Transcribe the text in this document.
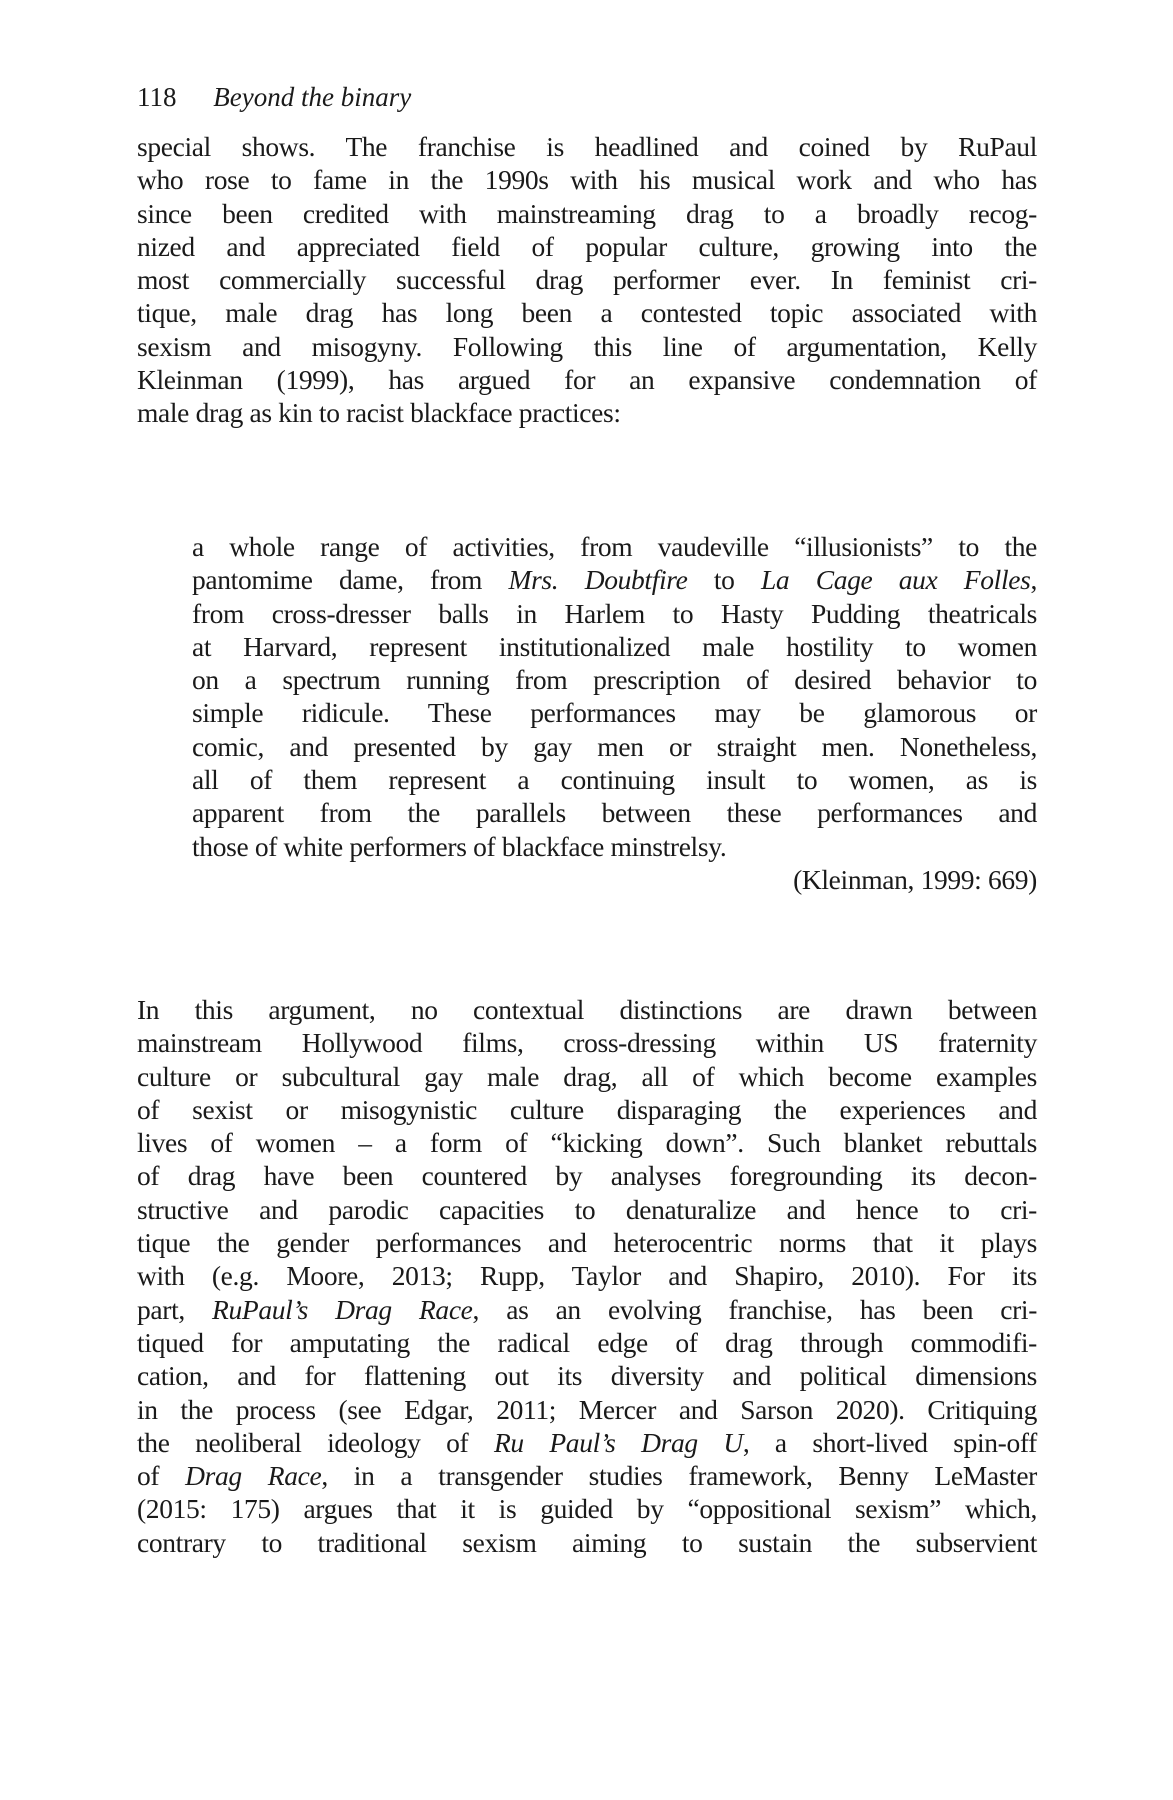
118 Beyond the binary
special shows. The franchise is headlined and coined by RuPaul
who rose to fame in the 1990s with his musical work and who has
since been credited with mainstreaming drag to a broadly recog-
nized and appreciated field of popular culture, growing into the
most commercially successful drag performer ever. In feminist cri-
tique, male drag has long been a contested topic associated with
sexism and misogyny. Following this line of argumentation, Kelly
Kleinman (1999), has argued for an expansive condemnation of
male drag as kin to racist blackface practices:
a whole range of activities, from vaudeville “illusionists” to the
pantomime dame, from Mrs. Doubtfire to La Cage aux Folles,
from cross-dresser balls in Harlem to Hasty Pudding theatricals
at Harvard, represent institutionalized male hostility to women
on a spectrum running from prescription of desired behavior to
simple ridicule. These performances may be glamorous or
comic, and presented by gay men or straight men. Nonetheless,
all of them represent a continuing insult to women, as is
apparent from the parallels between these performances and
those of white performers of blackface minstrelsy.
(Kleinman, 1999: 669)
In this argument, no contextual distinctions are drawn between
mainstream Hollywood films, cross-dressing within US fraternity
culture or subcultural gay male drag, all of which become examples
of sexist or misogynistic culture disparaging the experiences and
lives of women – a form of “kicking down”. Such blanket rebuttals
of drag have been countered by analyses foregrounding its decon-
structive and parodic capacities to denaturalize and hence to cri-
tique the gender performances and heterocentric norms that it plays
with (e.g. Moore, 2013; Rupp, Taylor and Shapiro, 2010). For its
part, RuPaul’s Drag Race, as an evolving franchise, has been cri-
tiqued for amputating the radical edge of drag through commodifi-
cation, and for flattening out its diversity and political dimensions
in the process (see Edgar, 2011; Mercer and Sarson 2020). Critiquing
the neoliberal ideology of Ru Paul’s Drag U, a short-lived spin-off
of Drag Race, in a transgender studies framework, Benny LeMaster
(2015: 175) argues that it is guided by “oppositional sexism” which,
contrary to traditional sexism aiming to sustain the subservient
